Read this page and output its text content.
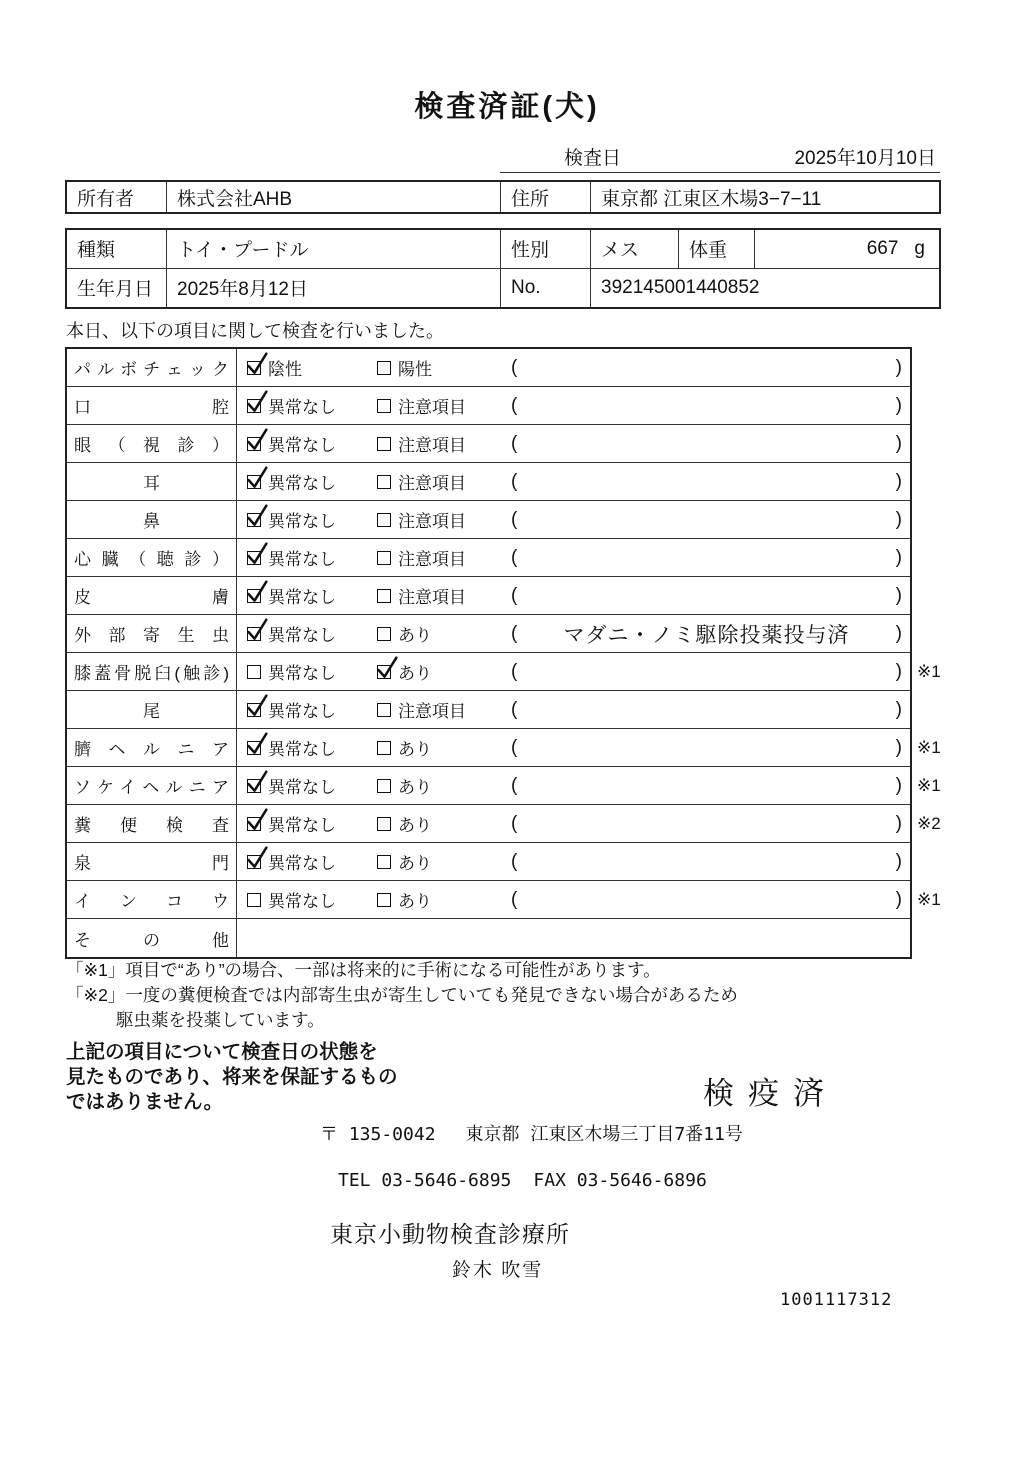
検査済証(犬)
検査日	2025年10月10日
所有者	株式会社AHB	住所	東京都 江東区木場3−7−11
種類	トイ・プードル	性別	メス	体重	667 g
生年月日	2025年8月12日	No.	392145001440852
本日、以下の項目に関して検査を行いました。
パルボチェック 陰性	陽性	(	)
口腔 異常なし	注意項目 (	)
眼（視診） 異常なし	注意項目 (	)
耳	異常なし	注意項目 (	)
鼻	異常なし	注意項目 (	)
心臓（聴診） 異常なし	注意項目 (	)
皮膚 異常なし	注意項目 (	)
外部寄生虫 異常なし	あり	(	マダニ・ノミ駆除投薬投与済	)
膝蓋骨脱臼(触診) 異常なし	あり	(	) ※1
尾	異常なし	注意項目 (	)
臍ヘルニア 異常なし	あり	(	) ※1
ソケイヘルニア 異常なし	あり	(	) ※1
糞便検査 異常なし	あり	(	) ※2
泉門 異常なし	あり	(	)
インコウ 異常なし	あり	(	) ※1
その他
「※1」項目で“あり”の場合、一部は将来的に手術になる可能性があります。
「※2」一度の糞便検査では内部寄生虫が寄生していても発見できない場合があるため
駆虫薬を投薬しています。
上記の項目について検査日の状態を
見たものであり、将来を保証するもの
ではありません。	検疫済
〒 135-0042 東京都 江東区木場三丁目7番11号
TEL 03-5646-6895 FAX 03-5646-6896
東京小動物検査診療所
鈴木 吹雪
1001117312
